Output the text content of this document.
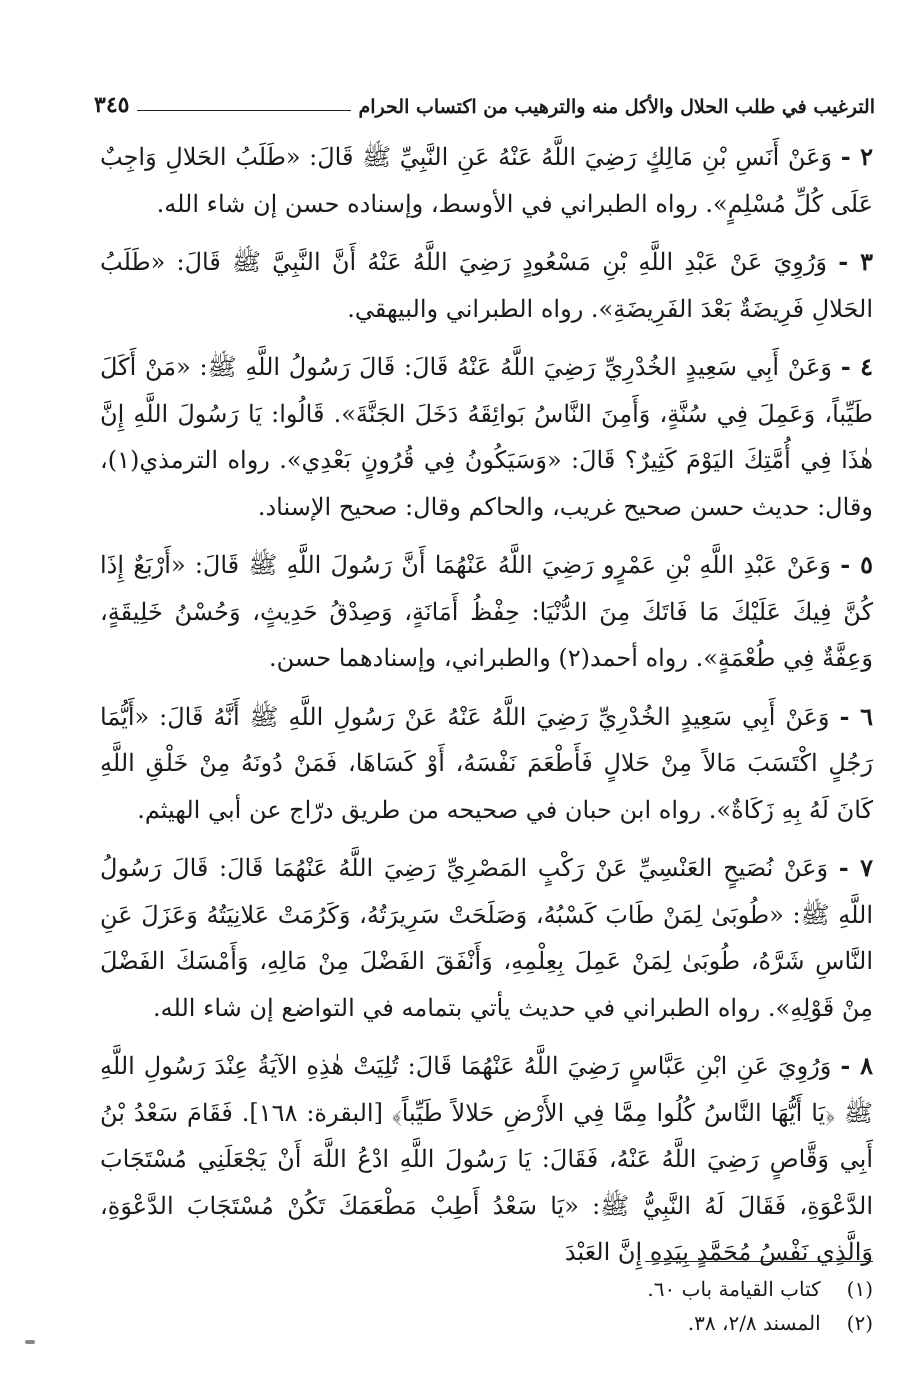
الترغيب في طلب الحلال والأكل منه والترهيب من اكتساب الحرام
٣٤٥

٢ - وَعَنْ أَنَسِ بْنِ مَالِكٍ رَضِيَ اللَّهُ عَنْهُ عَنِ النَّبِيِّ ﷺ قَالَ: «طَلَبُ الحَلالِ وَاجِبٌ عَلَى كُلِّ مُسْلِمٍ». رواه الطبراني في الأوسط، وإسناده حسن إن شاء الله.

٣ - وَرُوِيَ عَنْ عَبْدِ اللَّهِ بْنِ مَسْعُودٍ رَضِيَ اللَّهُ عَنْهُ أَنَّ النَّبِيَّ ﷺ قَالَ: «طَلَبُ الحَلالِ فَرِيضَةٌ بَعْدَ الفَرِيضَةِ». رواه الطبراني والبيهقي.

٤ - وَعَنْ أَبِي سَعِيدٍ الخُدْرِيِّ رَضِيَ اللَّهُ عَنْهُ قَالَ: قَالَ رَسُولُ اللَّهِ ﷺ: «مَنْ أَكَلَ طَيِّباً، وَعَمِلَ فِي سُنَّةٍ، وَأَمِنَ النَّاسُ بَوائِقَهُ دَخَلَ الجَنَّةَ». قَالُوا: يَا رَسُولَ اللَّهِ إِنَّ هٰذَا فِي أُمَّتِكَ اليَوْمَ كَثِيرٌ؟ قَالَ: «وَسَيَكُونُ فِي قُرُونٍ بَعْدِي». رواه الترمذي(١)، وقال: حديث حسن صحيح غريب، والحاكم وقال: صحيح الإسناد.

٥ - وَعَنْ عَبْدِ اللَّهِ بْنِ عَمْرٍو رَضِيَ اللَّهُ عَنْهُمَا أَنَّ رَسُولَ اللَّهِ ﷺ قَالَ: «أَرْبَعٌ إِذَا كُنَّ فِيكَ عَلَيْكَ مَا فَاتَكَ مِنَ الدُّنْيَا: حِفْظُ أَمَانَةٍ، وَصِدْقُ حَدِيثٍ، وَحُسْنُ خَلِيقَةٍ، وَعِفَّةٌ فِي طُعْمَةٍ». رواه أحمد(٢) والطبراني، وإسنادهما حسن.

٦ - وَعَنْ أَبِي سَعِيدٍ الخُدْرِيِّ رَضِيَ اللَّهُ عَنْهُ عَنْ رَسُولِ اللَّهِ ﷺ أَنَّهُ قَالَ: «أَيُّمَا رَجُلٍ اكْتَسَبَ مَالاً مِنْ حَلالٍ فَأَطْعَمَ نَفْسَهُ، أَوْ كَسَاهَا، فَمَنْ دُونَهُ مِنْ خَلْقِ اللَّهِ كَانَ لَهُ بِهِ زَكَاةٌ». رواه ابن حبان في صحيحه من طريق درّاج عن أبي الهيثم.

٧ - وَعَنْ نُصَيحٍ العَنْسِيِّ عَنْ رَكْبٍ المَصْرِيِّ رَضِيَ اللَّهُ عَنْهُمَا قَالَ: قَالَ رَسُولُ اللَّهِ ﷺ: «طُوبَىٰ لِمَنْ طَابَ كَسْبُهُ، وَصَلَحَتْ سَرِيرَتُهُ، وَكَرُمَتْ عَلانِيَتُهُ وَعَزَلَ عَنِ النَّاسِ شَرَّهُ، طُوبَىٰ لِمَنْ عَمِلَ بِعِلْمِهِ، وَأَنْفَقَ الفَضْلَ مِنْ مَالِهِ، وَأَمْسَكَ الفَضْلَ مِنْ قَوْلِهِ». رواه الطبراني في حديث يأتي بتمامه في التواضع إن شاء الله.

٨ - وَرُوِيَ عَنِ ابْنِ عَبَّاسٍ رَضِيَ اللَّهُ عَنْهُمَا قَالَ: تُلِيَتْ هٰذِهِ الآيَةُ عِنْدَ رَسُولِ اللَّهِ ﷺ ﴿يَا أَيُّهَا النَّاسُ كُلُوا مِمَّا فِي الأَرْضِ حَلالاً طَيِّباً﴾ [البقرة: ١٦٨]. فَقَامَ سَعْدُ بْنُ أَبِي وَقَّاصٍ رَضِيَ اللَّهُ عَنْهُ، فَقَالَ: يَا رَسُولَ اللَّهِ ادْعُ اللَّهَ أَنْ يَجْعَلَنِي مُسْتَجَابَ الدَّعْوَةِ، فَقَالَ لَهُ النَّبِيُّ ﷺ: «يَا سَعْدُ أَطِبْ مَطْعَمَكَ تَكُنْ مُسْتَجَابَ الدَّعْوَةِ، وَالَّذِي نَفْسُ مُحَمَّدٍ بِيَدِهِ إِنَّ العَبْدَ

(١) كتاب القيامة باب ٦٠.
(٢) المسند ٢/٨، ٣٨.
